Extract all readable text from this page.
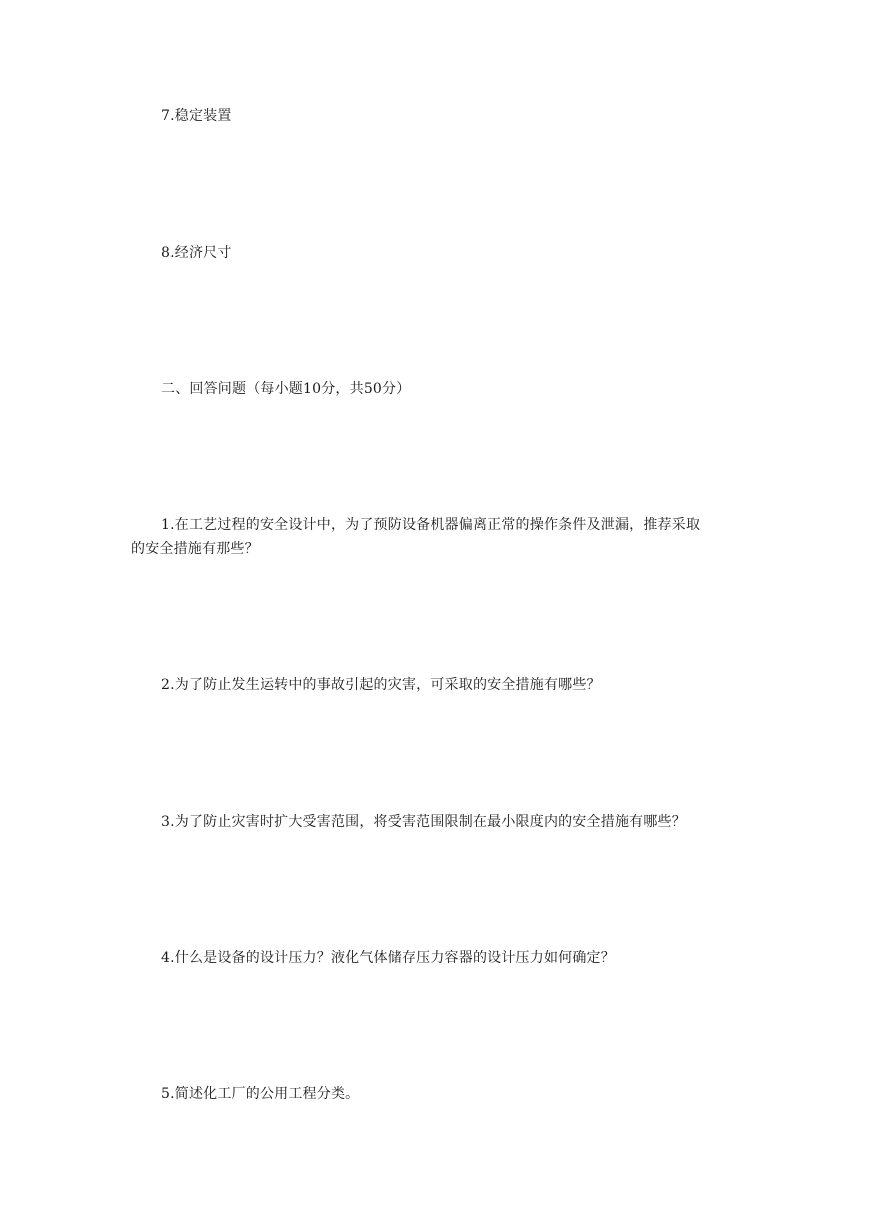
7.稳定装置
8.经济尺寸
二、回答问题（每小题10分，共50分）
1.在工艺过程的安全设计中，为了预防设备机器偏离正常的操作条件及泄漏，推荐采取
的安全措施有那些？
2.为了防止发生运转中的事故引起的灾害，可采取的安全措施有哪些？
3.为了防止灾害时扩大受害范围，将受害范围限制在最小限度内的安全措施有哪些？
4.什么是设备的设计压力？液化气体储存压力容器的设计压力如何确定？
5.简述化工厂的公用工程分类。
